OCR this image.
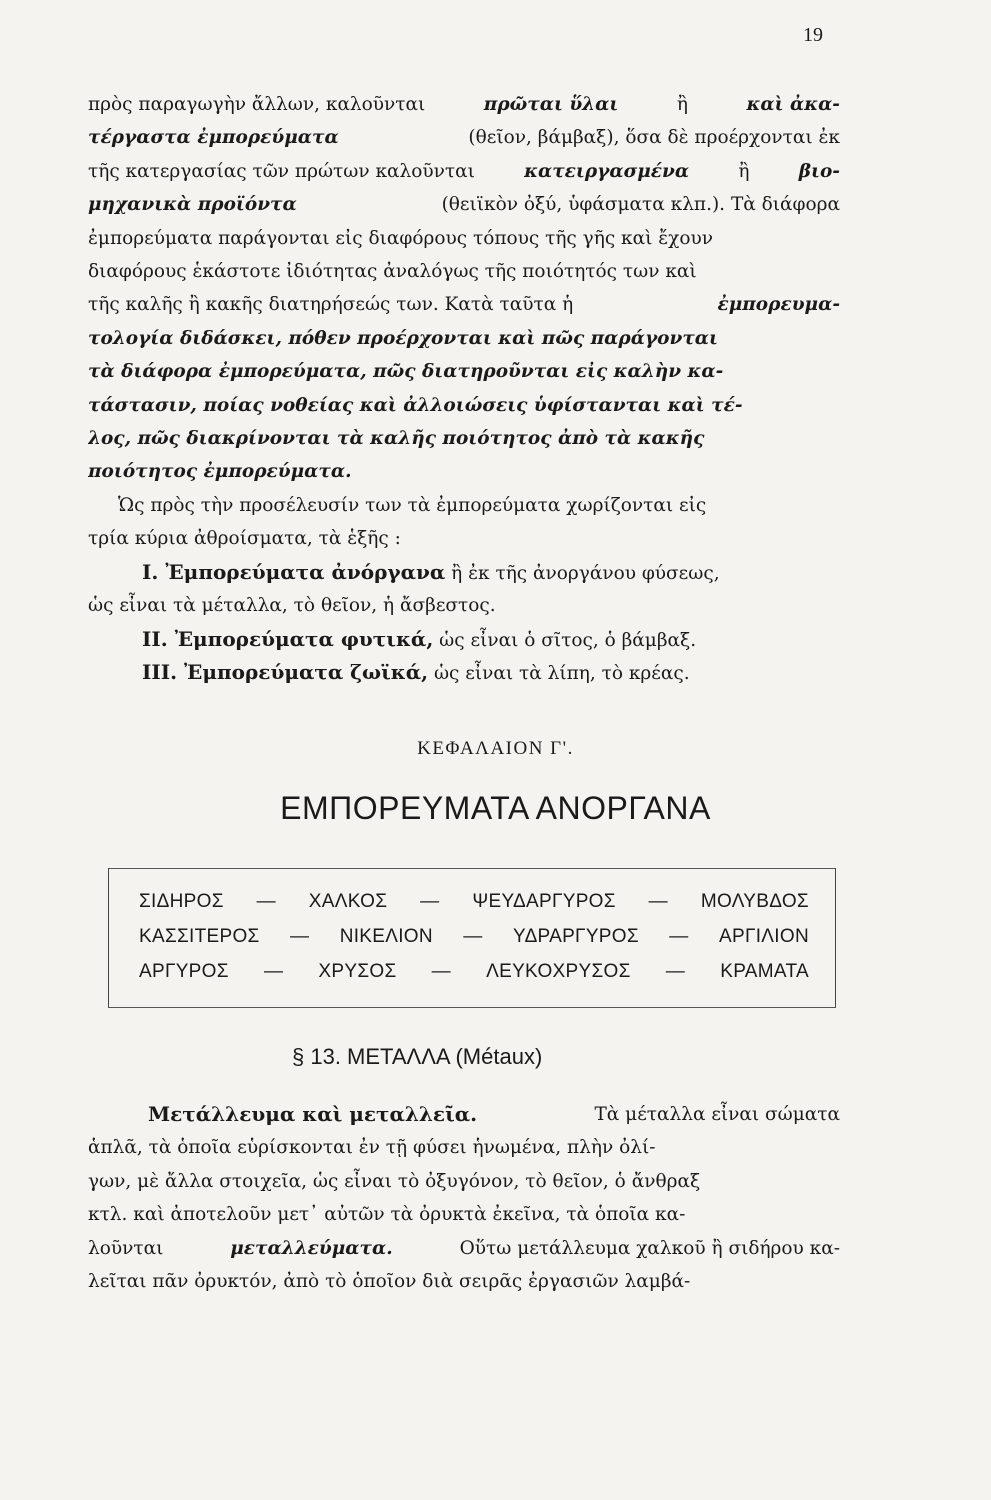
19
πρὸς παραγωγὴν ἄλλων, καλοῦνται	πρῶται ὕλαι	ἢ	καὶ ἀκα-
τέργαστα ἐμπορεύματα	(θεῖον, βάμβαξ), ὅσα δὲ προέρχονται ἐκ
τῆς κατεργασίας τῶν πρώτων καλοῦνται	κατειργασμένα	ἢ	βιο-
μηχανικὰ προϊόντα	(θειϊκὸν ὀξύ, ὑφάσματα κλπ.). Τὰ διάφορα
ἐμπορεύματα παράγονται εἰς διαφόρους τόπους τῆς γῆς καὶ ἔχουν
διαφόρους ἑκάστοτε ἰδιότητας ἀναλόγως τῆς ποιότητός των καὶ
τῆς καλῆς ἢ κακῆς διατηρήσεώς των. Κατὰ ταῦτα ἡ	ἐμπορευμα-
τολογία διδάσκει, πόθεν προέρχονται καὶ πῶς παράγονται
τὰ διάφορα ἐμπορεύματα, πῶς διατηροῦνται εἰς καλὴν κα-
τάστασιν, ποίας νοθείας καὶ ἀλλοιώσεις ὑφίστανται καὶ τέ-
λος, πῶς διακρίνονται τὰ καλῆς ποιότητος ἀπὸ τὰ κακῆς
ποιότητος ἐμπορεύματα.
Ὡς πρὸς τὴν προσέλευσίν των τὰ ἐμπορεύματα χωρίζονται εἰς
τρία κύρια ἀθροίσματα, τὰ ἑξῆς :
I. Ἐμπορεύματα ἀνόργανα ἢ ἐκ τῆς ἀνοργάνου φύσεως,
ὡς εἶναι τὰ μέταλλα, τὸ θεῖον, ἡ ἄσβεστος.
II. Ἐμπορεύματα φυτικά, ὡς εἶναι ὁ σῖτος, ὁ βάμβαξ.
III. Ἐμπορεύματα ζωϊκά, ὡς εἶναι τὰ λίπη, τὸ κρέας.
ΚΕΦΑΛΑΙΟΝ Γ'.
ΕΜΠΟΡΕΥΜΑΤΑ ΑΝΟΡΓΑΝΑ
ΣΙΔΗΡΟΣ — ΧΑΛΚΟΣ — ΨΕΥΔΑΡΓΥΡΟΣ — ΜΟΛΥΒΔΟΣ
ΚΑΣΣΙΤΕΡΟΣ — ΝΙΚΕΛΙΟΝ — ΥΔΡΑΡΓΥΡΟΣ — ΑΡΓΙΛΙΟΝ
ΑΡΓΥΡΟΣ — ΧΡΥΣΟΣ — ΛΕΥΚΟΧΡΥΣΟΣ — ΚΡΑΜΑΤΑ
§ 13. ΜΕΤΑΛΛΑ (Métaux)
Μετάλλευμα καὶ μεταλλεῖα.	Τὰ μέταλλα εἶναι σώματα
ἁπλᾶ, τὰ ὁποῖα εὑρίσκονται ἐν τῇ φύσει ἡνωμένα, πλὴν ὀλί-
γων, μὲ ἄλλα στοιχεῖα, ὡς εἶναι τὸ ὀξυγόνον, τὸ θεῖον, ὁ ἄνθραξ
κτλ. καὶ ἀποτελοῦν μετ᾽ αὐτῶν τὰ ὀρυκτὰ ἐκεῖνα, τὰ ὁποῖα κα-
λοῦνται	μεταλλεύματα.	Οὕτω μετάλλευμα χαλκοῦ ἢ σιδήρου κα-
λεῖται πᾶν ὀρυκτόν, ἀπὸ τὸ ὁποῖον διὰ σειρᾶς ἐργασιῶν λαμβά-
